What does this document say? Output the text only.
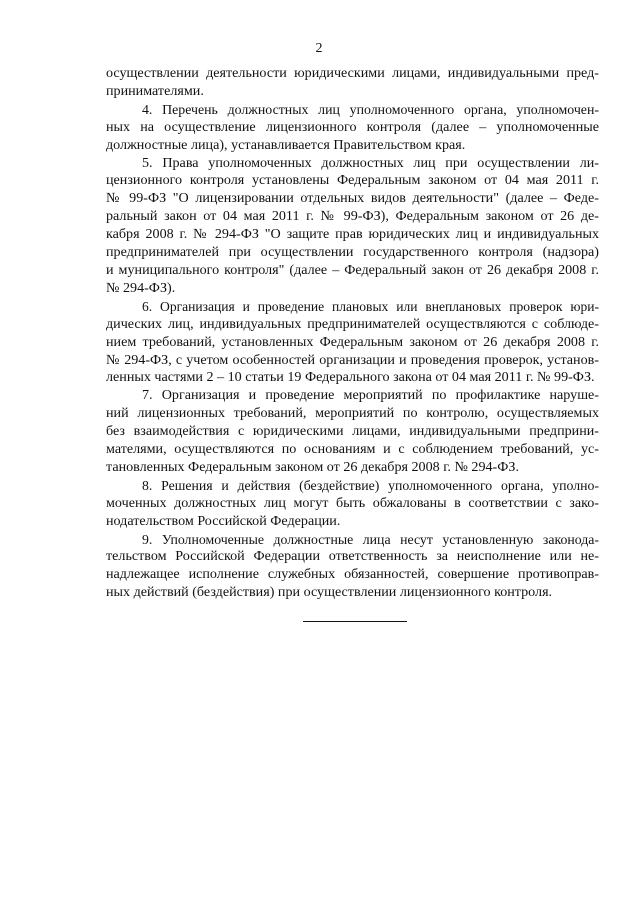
2

осуществлении деятельности юридическими лицами, индивидуальными пред-
принимателями.

4. Перечень должностных лиц уполномоченного органа, уполномочен-
ных на осуществление лицензионного контроля (далее – уполномоченные
должностные лица), устанавливается Правительством края.

5. Права уполномоченных должностных лиц при осуществлении ли-
цензионного контроля установлены Федеральным законом от 04 мая 2011 г.
№ 99-ФЗ "О лицензировании отдельных видов деятельности" (далее – Феде-
ральный закон от 04 мая 2011 г. № 99-ФЗ), Федеральным законом от 26 де-
кабря 2008 г. № 294-ФЗ "О защите прав юридических лиц и индивидуальных
предпринимателей при осуществлении государственного контроля (надзора)
и муниципального контроля" (далее – Федеральный закон от 26 декабря 2008 г.
№ 294-ФЗ).

6. Организация и проведение плановых или внеплановых проверок юри-
дических лиц, индивидуальных предпринимателей осуществляются с соблюде-
нием требований, установленных Федеральным законом от 26 декабря 2008 г.
№ 294-ФЗ, с учетом особенностей организации и проведения проверок, установ-
ленных частями 2 – 10 статьи 19 Федерального закона от 04 мая 2011 г. № 99-ФЗ.

7. Организация и проведение мероприятий по профилактике наруше-
ний лицензионных требований, мероприятий по контролю, осуществляемых
без взаимодействия с юридическими лицами, индивидуальными предприни-
мателями, осуществляются по основаниям и с соблюдением требований, ус-
тановленных Федеральным законом от 26 декабря 2008 г. № 294-ФЗ.

8. Решения и действия (бездействие) уполномоченного органа, уполно-
моченных должностных лиц могут быть обжалованы в соответствии с зако-
нодательством Российской Федерации.

9. Уполномоченные должностные лица несут установленную законода-
тельством Российской Федерации ответственность за неисполнение или не-
надлежащее исполнение служебных обязанностей, совершение противоправ-
ных действий (бездействия) при осуществлении лицензионного контроля.
